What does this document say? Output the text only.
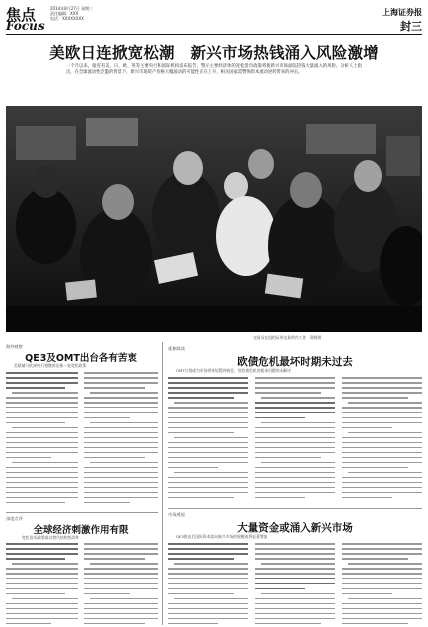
焦点
Focus
2014年8月27日 星期三
责任编辑：XXX
电话：XXXXXXXX
上海证券报
封三
美欧日连掀宽松潮　新兴市场热钱涌入风险激增

一个月以来，接连有美、日、欧、英等主要央行和国际机构发布报告，警示主要经济体的宽松货币政策将使新兴市场面临热钱大量涌入的风险。分析人士指出，在全球流动性泛滥的背景下，新兴市场资产价格大幅波动的可能性正在上升，相关国家需警惕资本流动逆转带来的冲击。

交易员在纽约证券交易所内工作　资料图
海外观察
QE3及OMT出台各有苦衷
美联储与欧洲央行相继推出新一轮宽松政策
深度点评
全球经济刺激作用有限
宽松货币政策难以替代结构性改革
延伸阅读
欧债危机最坏时期未过去
OMT计划或为市场带来短暂的喘息，但欧债危机的根本问题尚未解决
市场透视
大量资金或涌入新兴市场
QE3推出后国际资本流向新兴市场的规模或将显著增加
